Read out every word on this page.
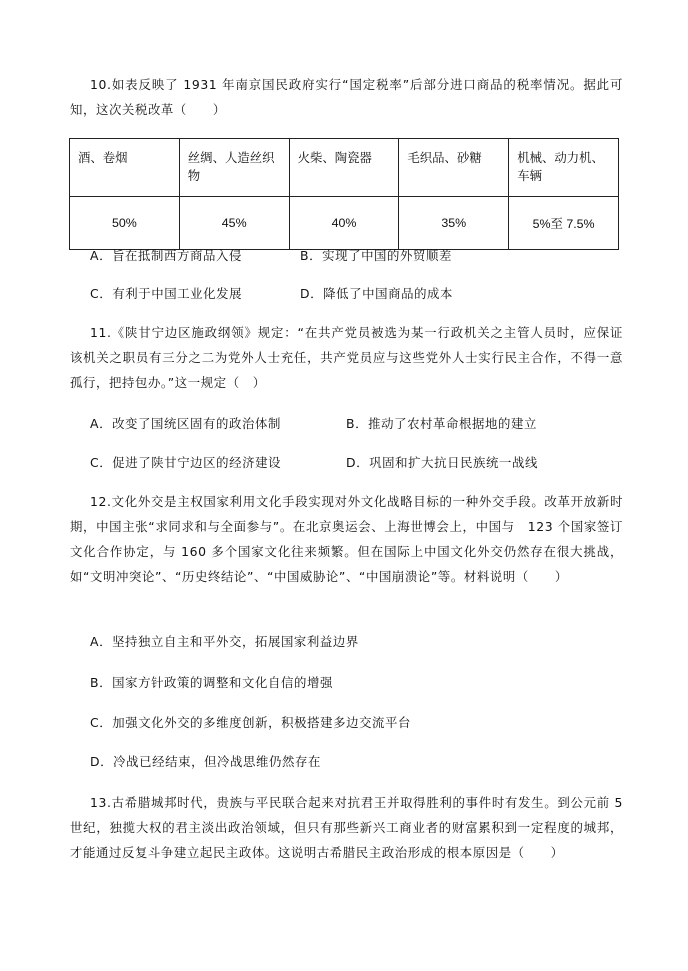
10.如表反映了 1931 年南京国民政府实行“国定税率”后部分进口商品的税率情况。据此可知，这次关税改革（　　）

酒、卷烟	丝绸、人造丝织物	火柴、陶瓷器	毛织品、砂糖	机械、动力机、车辆
50%	45%	40%	35%	5%至 7.5%
A．旨在抵制西方商品入侵	B．实现了中国的外贸顺差
C．有利于中国工业化发展	D．降低了中国商品的成本

11.《陕甘宁边区施政纲领》规定：“在共产党员被选为某一行政机关之主管人员时，应保证该机关之职员有三分之二为党外人士充任，共产党员应与这些党外人士实行民主合作，不得一意孤行，把持包办。”这一规定（　）

A．改变了国统区固有的政治体制	B．推动了农村革命根据地的建立
C．促进了陕甘宁边区的经济建设	D．巩固和扩大抗日民族统一战线

12.文化外交是主权国家利用文化手段实现对外文化战略目标的一种外交手段。改革开放新时期，中国主张“求同求和与全面参与”。在北京奥运会、上海世博会上，中国与　123 个国家签订文化合作协定，与 160 多个国家文化往来频繁。但在国际上中国文化外交仍然存在很大挑战，如“文明冲突论”、“历史终结论”、“中国威胁论”、“中国崩溃论”等。材料说明（　　）

A．坚持独立自主和平外交，拓展国家利益边界
B．国家方针政策的调整和文化自信的增强
C．加强文化外交的多维度创新，积极搭建多边交流平台
D．冷战已经结束，但冷战思维仍然存在

13.古希腊城邦时代，贵族与平民联合起来对抗君王并取得胜利的事件时有发生。到公元前 5 世纪，独揽大权的君主淡出政治领域，但只有那些新兴工商业者的财富累积到一定程度的城邦，才能通过反复斗争建立起民主政体。这说明古希腊民主政治形成的根本原因是（　　）
